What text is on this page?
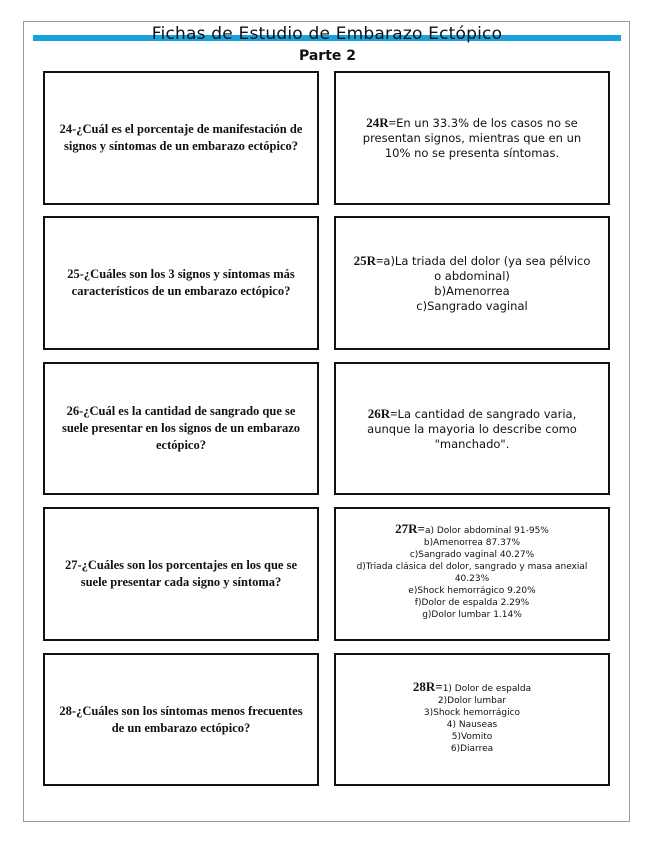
Fichas de Estudio de Embarazo Ectópico
Parte 2
24-¿Cuál es el porcentaje de manifestación de signos y síntomas de un embarazo ectópico?
24R=En un 33.3% de los casos no se presentan signos, mientras que en un 10% no se presenta síntomas.
25-¿Cuáles son los 3 signos y síntomas más característicos de un embarazo ectópico?
25R=a)La triada del dolor (ya sea pélvico o abdominal)
b)Amenorrea
c)Sangrado vaginal
26-¿Cuál es la cantidad de sangrado que se suele presentar en los signos de un embarazo ectópico?
26R=La cantidad de sangrado varia, aunque la mayoria lo describe como "manchado".
27-¿Cuáles son los porcentajes en los que se suele presentar cada signo y síntoma?
27R=a) Dolor abdominal 91-95%
b)Amenorrea 87.37%
c)Sangrado vaginal 40.27%
d)Triada clásica del dolor, sangrado y masa anexial 40.23%
e)Shock hemorrágico 9.20%
f)Dolor de espalda 2.29%
g)Dolor lumbar 1.14%
28-¿Cuáles son los síntomas menos frecuentes de un embarazo ectópico?
28R=1) Dolor de espalda
2)Dolor lumbar
3)Shock hemorrágico
4) Nauseas
5)Vomito
6)Diarrea
